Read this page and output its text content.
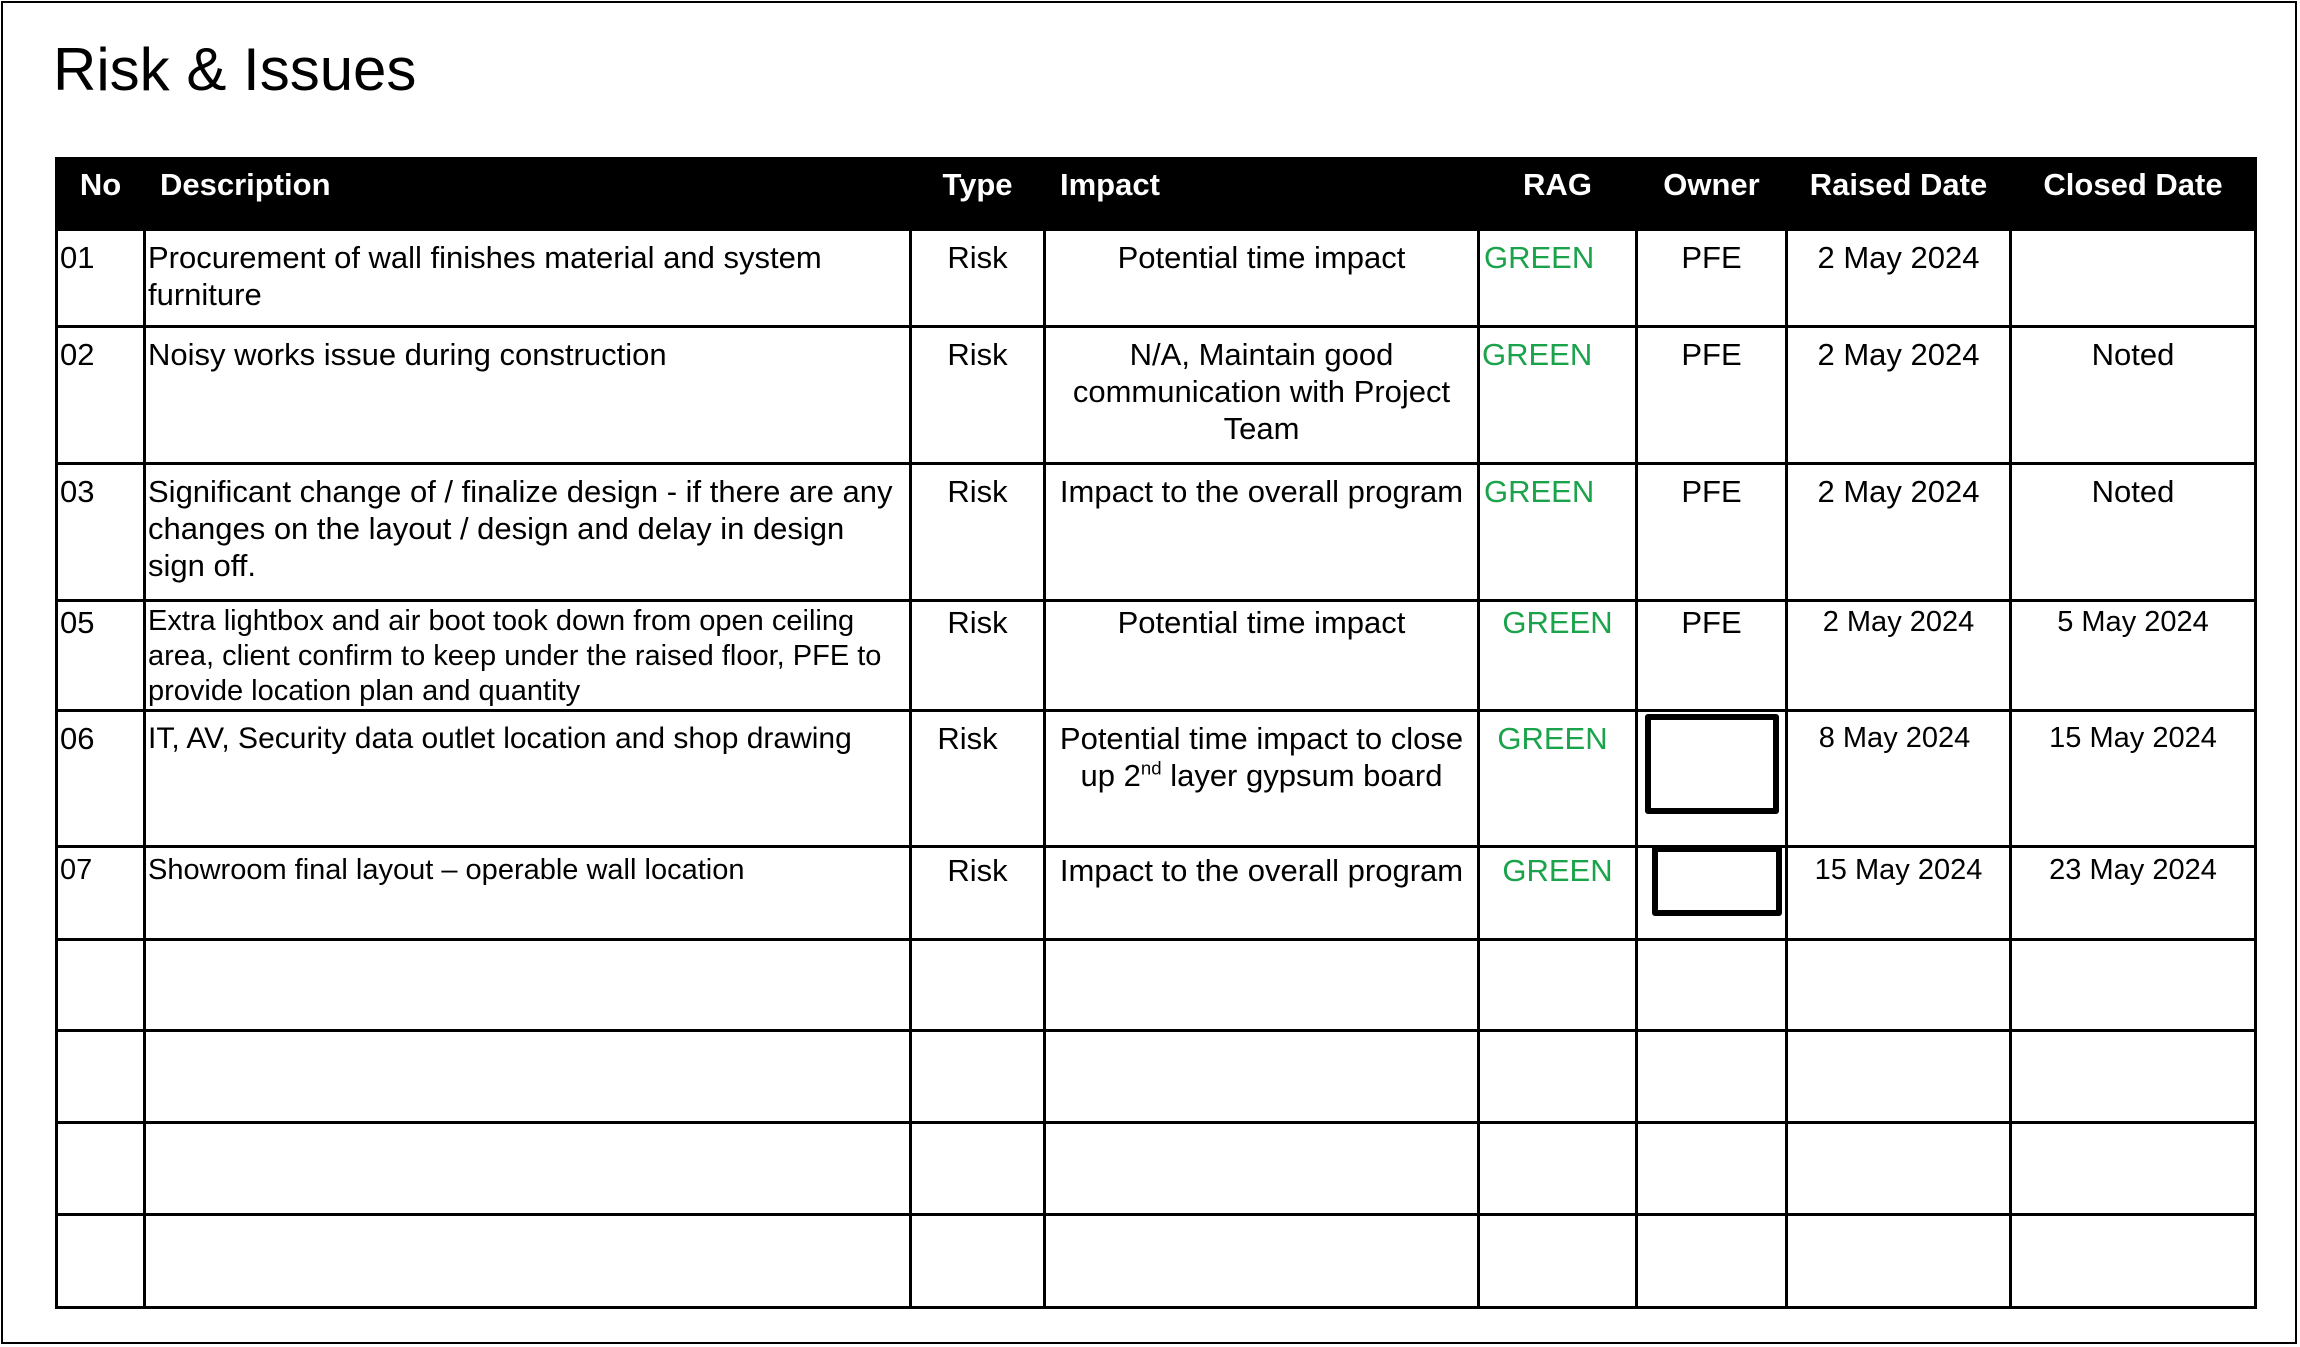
Risk & Issues
No	Description	Type	Impact	RAG	Owner	Raised Date	Closed Date
01	Procurement of wall finishes material and system furniture	Risk	Potential time impact	GREEN	PFE	2 May 2024	
02	Noisy works issue during construction	Risk	N/A, Maintain good communication with Project Team	GREEN	PFE	2 May 2024	Noted
03	Significant change of / finalize design - if there are any changes on the layout / design and delay in design sign off.	Risk	Impact to the overall program	GREEN	PFE	2 May 2024	Noted
05	Extra lightbox and air boot took down from open ceiling area, client confirm to keep under the raised floor, PFE to provide location plan and quantity	Risk	Potential time impact	GREEN	PFE	2 May 2024	5 May 2024
06	IT, AV, Security data outlet location and shop drawing	Risk	Potential time impact to close up 2nd layer gypsum board	GREEN		8 May 2024	15 May 2024
07	Showroom final layout – operable wall location	Risk	Impact to the overall program	GREEN		15 May 2024	23 May 2024
